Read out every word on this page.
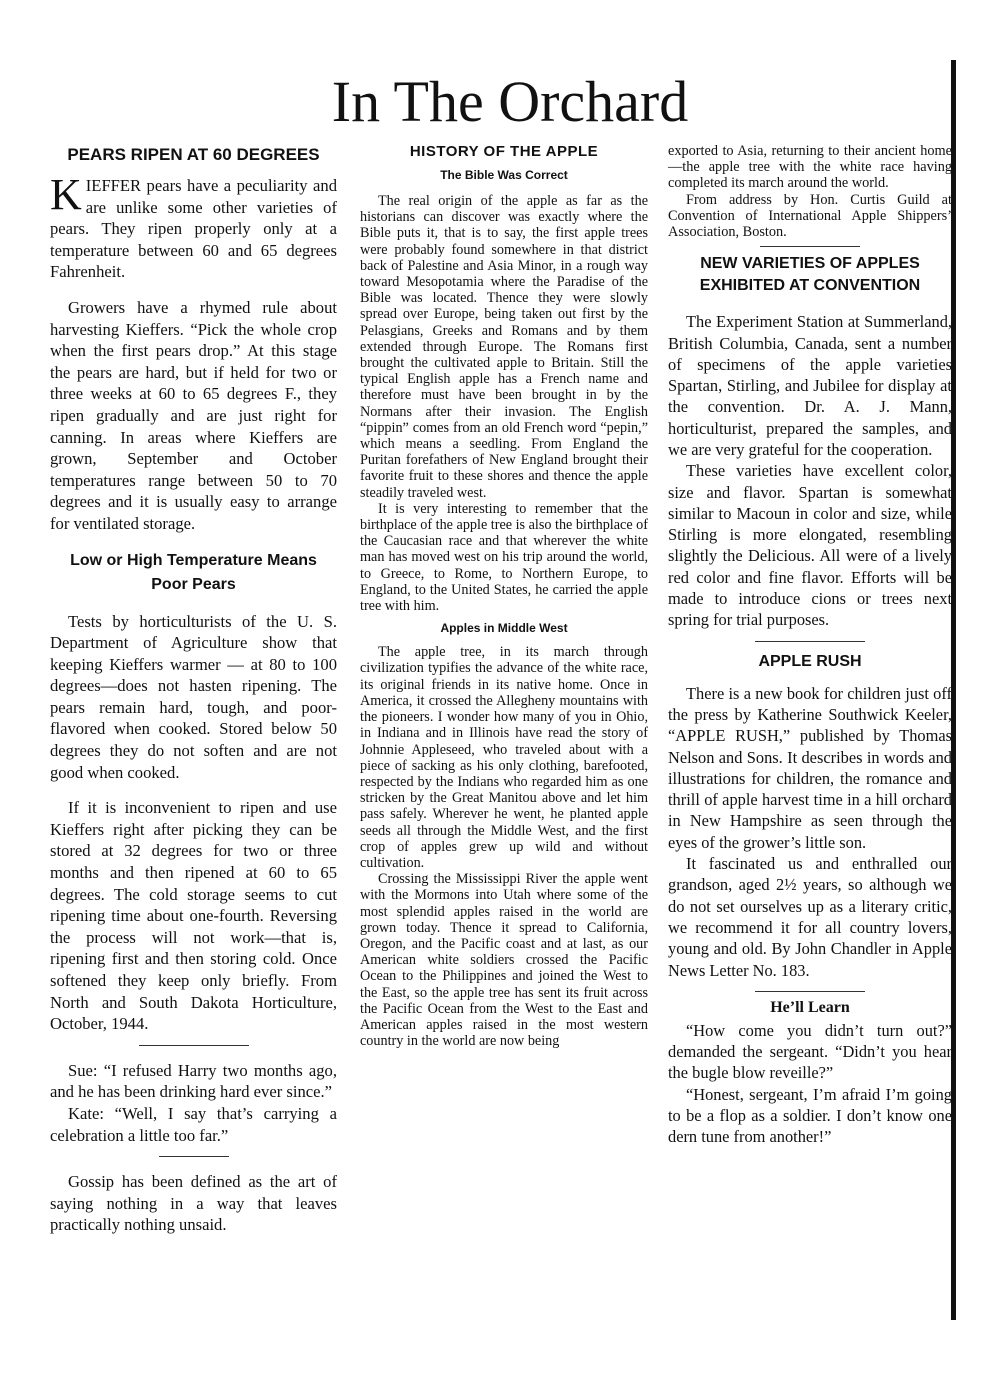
In The Orchard
PEARS RIPEN AT 60 DEGREES

KIEFFER pears have a peculiarity and are unlike some other varieties of pears. They ripen properly only at a temperature between 60 and 65 degrees Fahrenheit.

Growers have a rhymed rule about harvesting Kieffers. “Pick the whole crop when the first pears drop.” At this stage the pears are hard, but if held for two or three weeks at 60 to 65 degrees F., they ripen gradually and are just right for canning. In areas where Kieffers are grown, September and October temperatures range between 50 to 70 degrees and it is usually easy to arrange for ventilated storage.

Low or High Temperature Means Poor Pears

Tests by horticulturists of the U. S. Department of Agriculture show that keeping Kieffers warmer — at 80 to 100 degrees—does not hasten ripening. The pears remain hard, tough, and poor-flavored when cooked. Stored below 50 degrees they do not soften and are not good when cooked.

If it is inconvenient to ripen and use Kieffers right after picking they can be stored at 32 degrees for two or three months and then ripened at 60 to 65 degrees. The cold storage seems to cut ripening time about one-fourth. Reversing the process will not work—that is, ripening first and then storing cold. Once softened they keep only briefly. From North and South Dakota Horticulture, October, 1944.

Sue: “I refused Harry two months ago, and he has been drinking hard ever since.”

Kate: “Well, I say that’s carrying a celebration a little too far.”

Gossip has been defined as the art of saying nothing in a way that leaves practically nothing unsaid.

HISTORY OF THE APPLE
The Bible Was Correct

The real origin of the apple as far as the historians can discover was exactly where the Bible puts it, that is to say, the first apple trees were probably found somewhere in that district back of Palestine and Asia Minor, in a rough way toward Mesopotamia where the Paradise of the Bible was located. Thence they were slowly spread over Europe, being taken out first by the Pelasgians, Greeks and Romans and by them extended through Europe. The Romans first brought the cultivated apple to Britain. Still the typical English apple has a French name and therefore must have been brought in by the Normans after their invasion. The English “pippin” comes from an old French word “pepin,” which means a seedling. From England the Puritan forefathers of New England brought their favorite fruit to these shores and thence the apple steadily traveled west.

It is very interesting to remember that the birthplace of the apple tree is also the birthplace of the Caucasian race and that wherever the white man has moved west on his trip around the world, to Greece, to Rome, to Northern Europe, to England, to the United States, he carried the apple tree with him.

Apples in Middle West

The apple tree, in its march through civilization typifies the advance of the white race, its original friends in its native home. Once in America, it crossed the Allegheny mountains with the pioneers. I wonder how many of you in Ohio, in Indiana and in Illinois have read the story of Johnnie Appleseed, who traveled about with a piece of sacking as his only clothing, barefooted, respected by the Indians who regarded him as one stricken by the Great Manitou above and let him pass safely. Wherever he went, he planted apple seeds all through the Middle West, and the first crop of apples grew up wild and without cultivation.

Crossing the Mississippi River the apple went with the Mormons into Utah where some of the most splendid apples raised in the world are grown today. Thence it spread to California, Oregon, and the Pacific coast and at last, as our American white soldiers crossed the Pacific Ocean to the Philippines and joined the West to the East, so the apple tree has sent its fruit across the Pacific Ocean from the West to the East and American apples raised in the most western country in the world are now being

exported to Asia, returning to their ancient home—the apple tree with the white race having completed its march around the world.

From address by Hon. Curtis Guild at Convention of International Apple Shippers’ Association, Boston.

NEW VARIETIES OF APPLES EXHIBITED AT CONVENTION

The Experiment Station at Summerland, British Columbia, Canada, sent a number of specimens of the apple varieties Spartan, Stirling, and Jubilee for display at the convention. Dr. A. J. Mann, horticulturist, prepared the samples, and we are very grateful for the cooperation.

These varieties have excellent color, size and flavor. Spartan is somewhat similar to Macoun in color and size, while Stirling is more elongated, resembling slightly the Delicious. All were of a lively red color and fine flavor. Efforts will be made to introduce cions or trees next spring for trial purposes.

APPLE RUSH

There is a new book for children just off the press by Katherine Southwick Keeler, “APPLE RUSH,” published by Thomas Nelson and Sons. It describes in words and illustrations for children, the romance and thrill of apple harvest time in a hill orchard in New Hampshire as seen through the eyes of the grower’s little son.

It fascinated us and enthralled our grandson, aged 2½ years, so although we do not set ourselves up as a literary critic, we recommend it for all country lovers, young and old. By John Chandler in Apple News Letter No. 183.

He’ll Learn

“How come you didn’t turn out?” demanded the sergeant. “Didn’t you hear the bugle blow reveille?”

“Honest, sergeant, I’m afraid I’m going to be a flop as a soldier. I don’t know one dern tune from another!”
